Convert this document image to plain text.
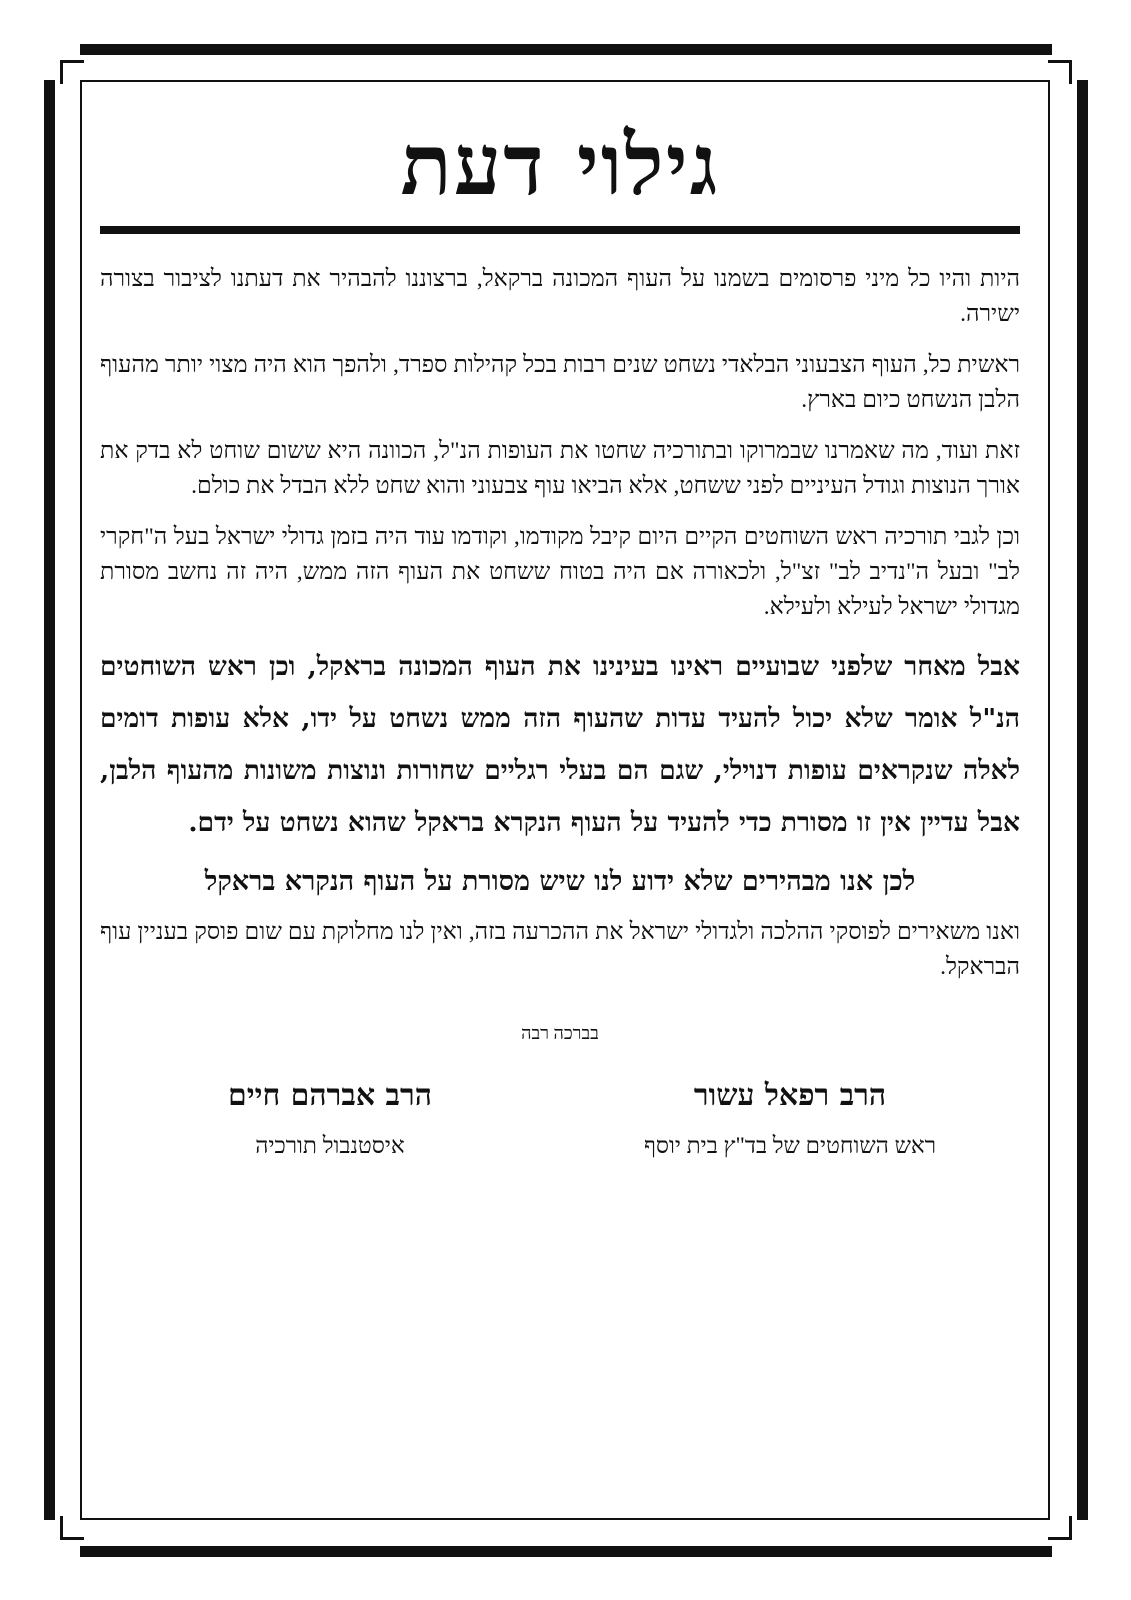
גילוי דעת

היות והיו כל מיני פרסומים בשמנו על העוף המכונה ברקאל, ברצוננו להבהיר את דעתנו לציבור בצורה ישירה.

ראשית כל, העוף הצבעוני הבלאדי נשחט שנים רבות בכל קהילות ספרד, ולהפך הוא היה מצוי יותר מהעוף הלבן הנשחט כיום בארץ.

זאת ועוד, מה שאמרנו שבמרוקו ובתורכיה שחטו את העופות הנ"ל, הכוונה היא ששום שוחט לא בדק את אורך הנוצות וגודל העיניים לפני ששחט, אלא הביאו עוף צבעוני והוא שחט ללא הבדל את כולם.

וכן לגבי תורכיה ראש השוחטים הקיים היום קיבל מקודמו, וקודמו עוד היה בזמן גדולי ישראל בעל ה"חקרי לב" ובעל ה"נדיב לב" זצ"ל, ולכאורה אם היה בטוח ששחט את העוף הזה ממש, היה זה נחשב מסורת מגדולי ישראל לעילא ולעילא.

אבל מאחר שלפני שבועיים ראינו בעינינו את העוף המכונה בראקל, וכן ראש השוחטים הנ"ל אומר שלא יכול להעיד עדות שהעוף הזה ממש נשחט על ידו, אלא עופות דומים לאלה שנקראים עופות דנוילי, שגם הם בעלי רגליים שחורות ונוצות משונות מהעוף הלבן, אבל עדיין אין זו מסורת כדי להעיד על העוף הנקרא בראקל שהוא נשחט על ידם.

לכן אנו מבהירים שלא ידוע לנו שיש מסורת על העוף הנקרא בראקל

ואנו משאירים לפוסקי ההלכה ולגדולי ישראל את ההכרעה בזה, ואין לנו מחלוקת עם שום פוסק בעניין עוף הבראקל.

בברכה רבה
הרב רפאל עשור
ראש השוחטים של בד"ץ בית יוסף
הרב אברהם חיים
איסטנבול תורכיה
